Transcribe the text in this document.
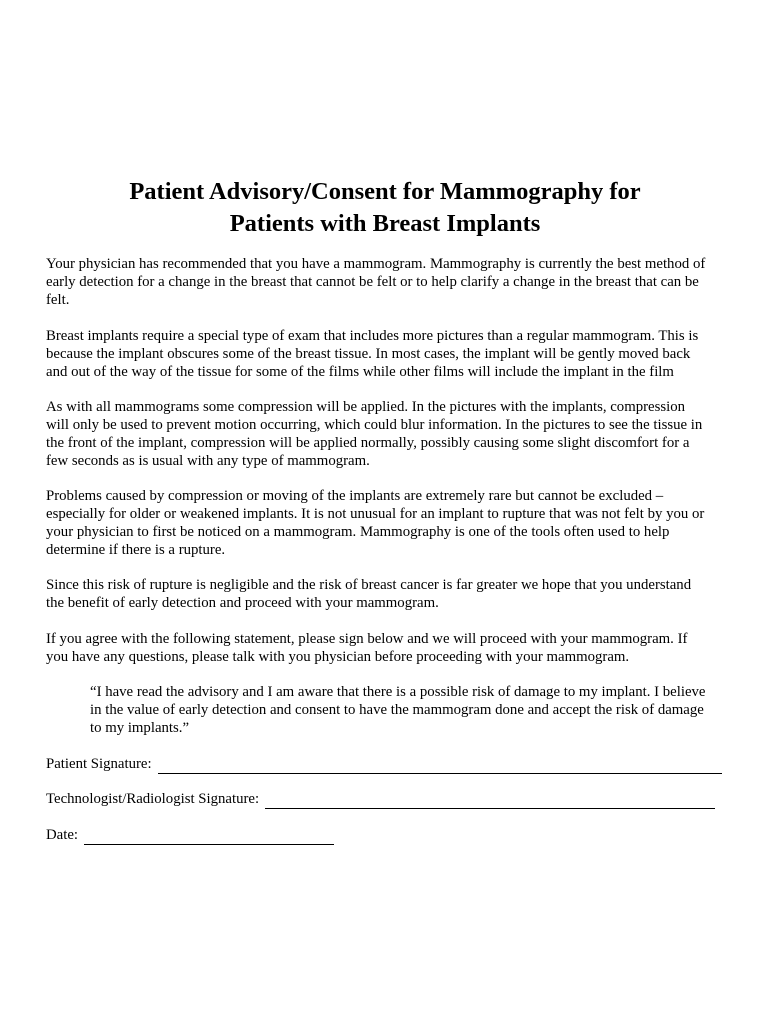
Patient Advisory/Consent for Mammography for
Patients with Breast Implants
Your physician has recommended that you have a mammogram. Mammography is currently the best method of
early detection for a change in the breast that cannot be felt or to help clarify a change in the breast that can be
felt.
Breast implants require a special type of exam that includes more pictures than a regular mammogram. This is
because the implant obscures some of the breast tissue. In most cases, the implant will be gently moved back
and out of the way of the tissue for some of the films while other films will include the implant in the film
As with all mammograms some compression will be applied. In the pictures with the implants, compression
will only be used to prevent motion occurring, which could blur information. In the pictures to see the tissue in
the front of the implant, compression will be applied normally, possibly causing some slight discomfort for a
few seconds as is usual with any type of mammogram.
Problems caused by compression or moving of the implants are extremely rare but cannot be excluded –
especially for older or weakened implants. It is not unusual for an implant to rupture that was not felt by you or
your physician to first be noticed on a mammogram. Mammography is one of the tools often used to help
determine if there is a rupture.
Since this risk of rupture is negligible and the risk of breast cancer is far greater we hope that you understand
the benefit of early detection and proceed with your mammogram.
If you agree with the following statement, please sign below and we will proceed with your mammogram. If
you have any questions, please talk with you physician before proceeding with your mammogram.
“I have read the advisory and I am aware that there is a possible risk of damage to my implant. I believe
in the value of early detection and consent to have the mammogram done and accept the risk of damage
to my implants.”
Patient Signature:
Technologist/Radiologist Signature:
Date:
